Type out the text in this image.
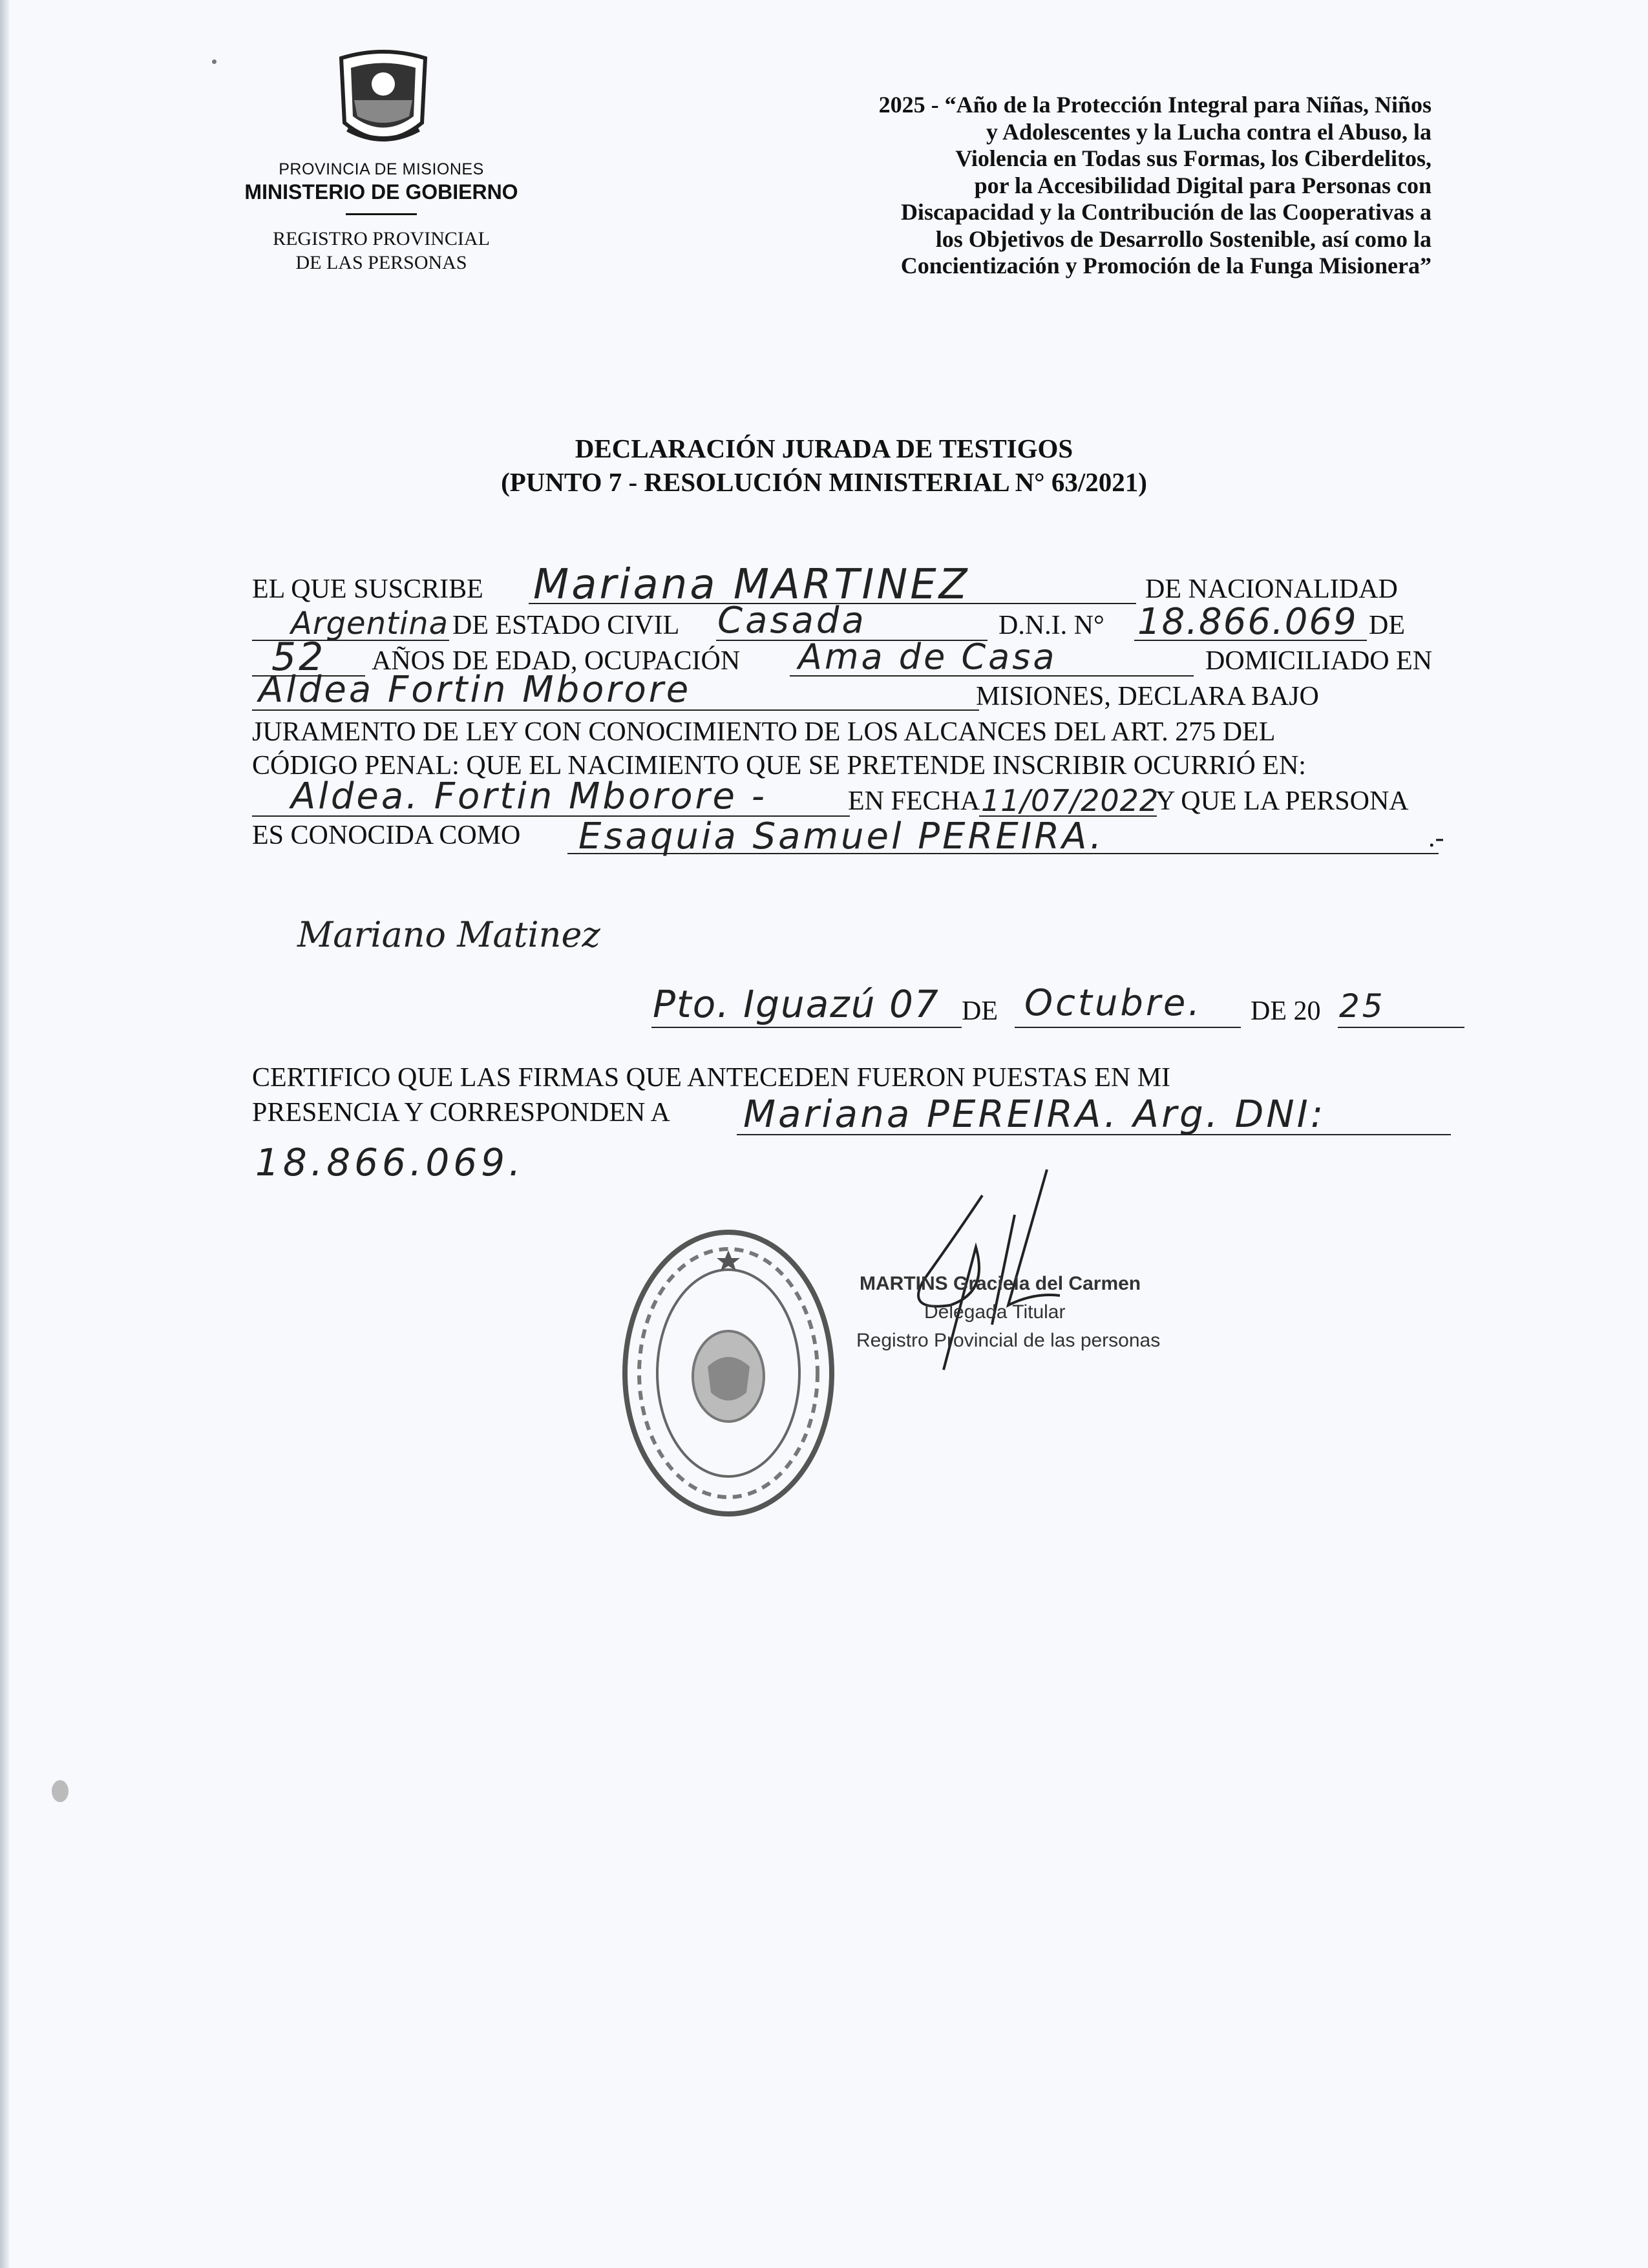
PROVINCIA DE MISIONES
MINISTERIO DE GOBIERNO
REGISTRO PROVINCIAL
DE LAS PERSONAS
2025 - “Año de la Protección Integral para Niñas, Niños
y Adolescentes y la Lucha contra el Abuso, la
Violencia en Todas sus Formas, los Ciberdelitos,
por la Accesibilidad Digital para Personas con
Discapacidad y la Contribución de las Cooperativas a
los Objetivos de Desarrollo Sostenible, así como la
Concientización y Promoción de la Funga Misionera”
DECLARACIÓN JURADA DE TESTIGOS
(PUNTO 7 - RESOLUCIÓN MINISTERIAL N° 63/2021)
EL QUE SUSCRIBE Mariana MARTINEZ	DE NACIONALIDAD
Argentina DE ESTADO CIVIL Casada	D.N.I. N° 18.866.069 DE
52 AÑOS DE EDAD, OCUPACIÓN Ama de Casa	DOMICILIADO EN
Aldea Fortin Mborore	MISIONES, DECLARA BAJO
JURAMENTO DE LEY CON CONOCIMIENTO DE LOS ALCANCES DEL ART. 275 DEL
CÓDIGO PENAL: QUE EL NACIMIENTO QUE SE PRETENDE INSCRIBIR OCURRIÓ EN:
Aldea. Fortin Mborore -	EN FECHA 11/07/2022
Y QUE LA PERSONA
ES CONOCIDA COMO Esaquia Samuel PEREIRA.	.-
Mariano Matinez
Pto. Iguazú 07 DE Octubre. DE 20 25
CERTIFICO QUE LAS FIRMAS QUE ANTECEDEN FUERON PUESTAS EN MI
PRESENCIA Y CORRESPONDEN A Mariana PEREIRA. Arg. DNI:
18.866.069.
MARTINS Graciela del Carmen
Delegada Titular
Registro Provincial de las personas
